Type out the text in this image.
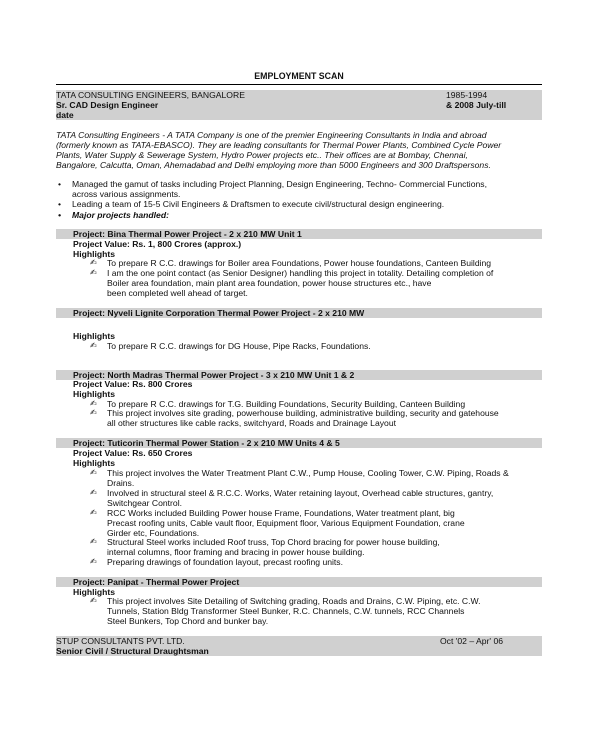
EMPLOYMENT SCAN
TATA CONSULTING ENGINEERS, BANGALORE	1985-1994
Sr. CAD Design Engineer	& 2008 July-till
date
TATA Consulting Engineers - A TATA Company is one of the premier Engineering Consultants in India and abroad
(formerly known as TATA-EBASCO). They are leading consultants for Thermal Power Plants, Combined Cycle Power
Plants, Water Supply & Sewerage System, Hydro Power projects etc.. Their offices are at Bombay, Chennai,
Bangalore, Calcutta, Oman, Ahemadabad and Delhi employing more than 5000 Engineers and 300 Draftspersons.
• Managed the gamut of tasks including Project Planning, Design Engineering, Techno- Commercial Functions,
across various assignments.
• Leading a team of 15-5 Civil Engineers & Draftsmen to execute civil/structural design engineering.
• Major projects handled:
Project: Bina Thermal Power Project - 2 x 210 MW Unit 1
Project Value: Rs. 1, 800 Crores (approx.)
Highlights
✍ To prepare R C.C. drawings for Boiler area Foundations, Power house foundations, Canteen Building
✍ I am the one point contact (as Senior Designer) handling this project in totality. Detailing completion of
Boiler area foundation, main plant area foundation, power house structures etc., have
been completed well ahead of target.
Project: Nyveli Lignite Corporation Thermal Power Project - 2 x 210 MW
Highlights
✍ To prepare R C.C. drawings for DG House, Pipe Racks, Foundations.
Project: North Madras Thermal Power Project - 3 x 210 MW Unit 1 & 2
Project Value: Rs. 800 Crores
Highlights
✍ To prepare R C.C. drawings for T.G. Building Foundations, Security Building, Canteen Building
✍ This project involves site grading, powerhouse building, administrative building, security and gatehouse
all other structures like cable racks, switchyard, Roads and Drainage Layout
Project: Tuticorin Thermal Power Station - 2 x 210 MW Units 4 & 5
Project Value: Rs. 650 Crores
Highlights
✍ This project involves the Water Treatment Plant C.W., Pump House, Cooling Tower, C.W. Piping, Roads &
Drains.
✍ Involved in structural steel & R.C.C. Works, Water retaining layout, Overhead cable structures, gantry,
Switchgear Control.
✍ RCC Works included Building Power house Frame, Foundations, Water treatment plant, big
Precast roofing units, Cable vault floor, Equipment floor, Various Equipment Foundation, crane
Girder etc, Foundations.
✍ Structural Steel works included Roof truss, Top Chord bracing for power house building,
internal columns, floor framing and bracing in power house building.
✍ Preparing drawings of foundation layout, precast roofing units.
Project: Panipat - Thermal Power Project
Highlights
✍ This project involves Site Detailing of Switching grading, Roads and Drains, C.W. Piping, etc. C.W.
Tunnels, Station Bldg Transformer Steel Bunker, R.C. Channels, C.W. tunnels, RCC Channels
Steel Bunkers, Top Chord and bunker bay.
STUP CONSULTANTS PVT. LTD.	Oct '02 – Apr' 06
Senior Civil / Structural Draughtsman
